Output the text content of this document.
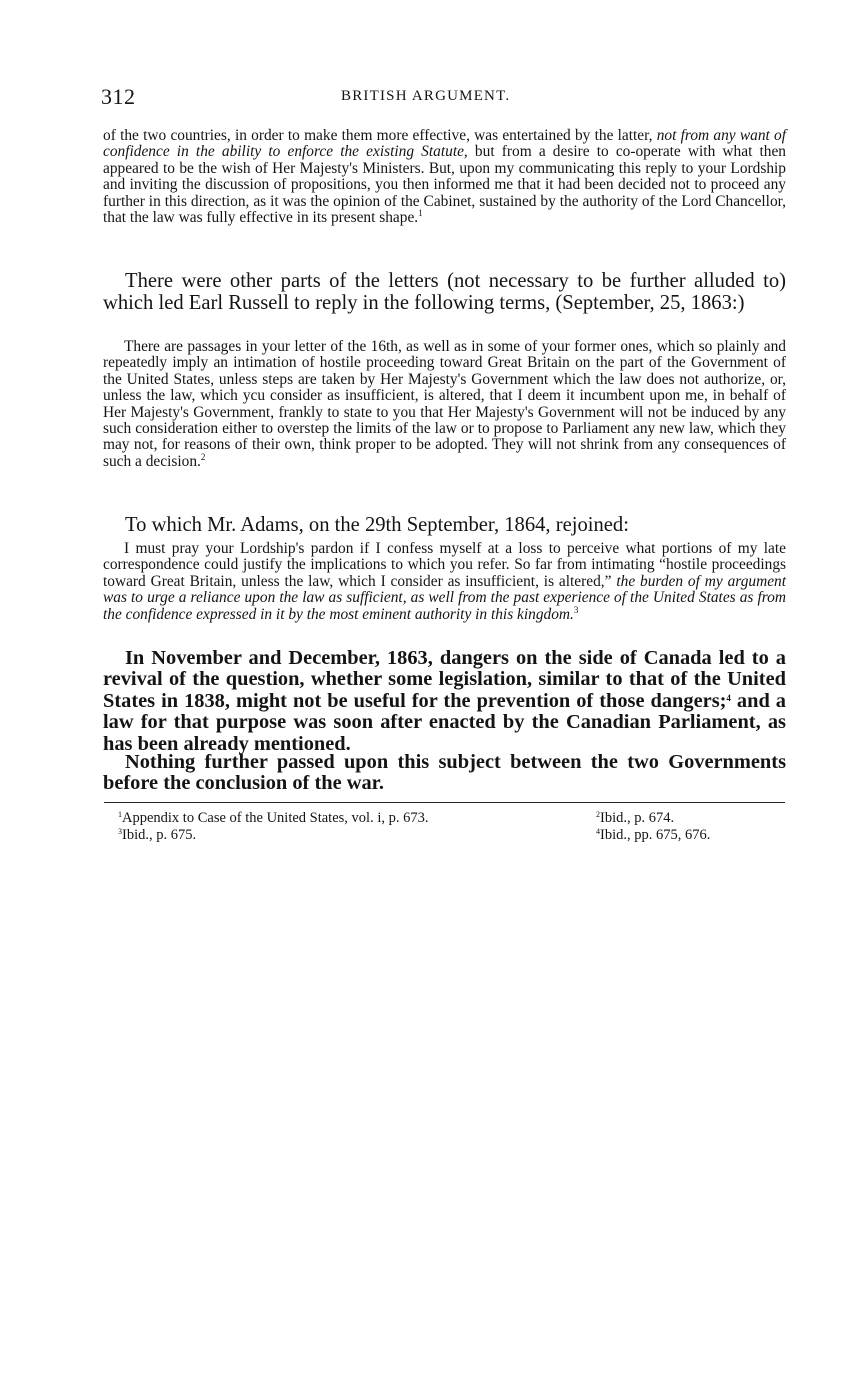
312	BRITISH ARGUMENT.

of the two countries, in order to make them more effective, was entertained by the latter, not from any want of confidence in the ability to enforce the existing Statute, but from a desire to co-operate with what then appeared to be the wish of Her Majesty's Ministers. But, upon my communicating this reply to your Lordship and inviting the discussion of propositions, you then informed me that it had been decided not to proceed any further in this direction, as it was the opinion of the Cabinet, sustained by the authority of the Lord Chancellor, that the law was fully effective in its present shape.$^1$

There were other parts of the letters (not necessary to be further alluded to) which led Earl Russell to reply in the following terms, (September, 25, 1863:)

There are passages in your letter of the 16th, as well as in some of your former ones, which so plainly and repeatedly imply an intimation of hostile proceeding toward Great Britain on the part of the Government of the United States, unless steps are taken by Her Majesty's Government which the law does not authorize, or, unless the law, which ycu consider as insufficient, is altered, that I deem it incumbent upon me, in behalf of Her Majesty's Government, frankly to state to you that Her Majesty's Government will not be induced by any such consideration either to overstep the limits of the law or to propose to Parliament any new law, which they may not, for reasons of their own, think proper to be adopted. They will not shrink from any consequences of such a decision.$^2$

To which Mr. Adams, on the 29th September, 1864, rejoined:

I must pray your Lordship's pardon if I confess myself at a loss to perceive what portions of my late correspondence could justify the implications to which you refer. So far from intimating “hostile proceedings toward Great Britain, unless the law, which I consider as insufficient, is altered,” the burden of my argument was to urge a reliance upon the law as sufficient, as well from the past experience of the United States as from the confidence expressed in it by the most eminent authority in this kingdom.$^3$

In November and December, 1863, dangers on the side of Canada led to a revival of the question, whether some legislation, similar to that of the United States in 1838, might not be useful for the prevention of those dangers;$^4$ and a law for that purpose was soon after enacted by the Canadian Parliament, as has been already mentioned.

Nothing further passed upon this subject between the two Governments before the conclusion of the war.

$^1$Appendix to Case of the United States, vol. i, p. 673.	$^2$Ibid., p. 674.
$^3$Ibid., p. 675.	$^4$Ibid., pp. 675, 676.
